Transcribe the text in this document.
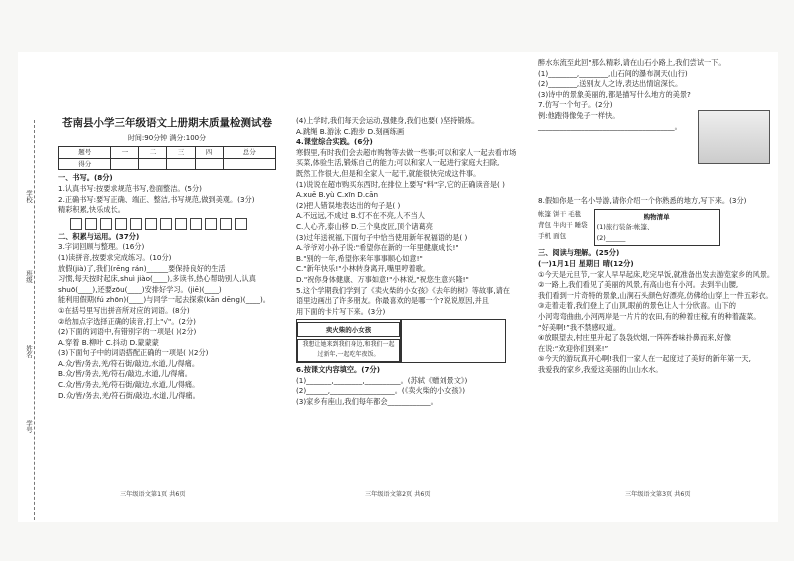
学校
班级
姓名
学号
苍南县小学三年级语文上册期末质量检测试卷
时间:90分钟 满分:100分
题号	一	二	三	四	总分
得分					
一、书写。(8分)
1.认真书写:按要求规范书写,卷面整洁。(5分)
2.正确书写:要写正确、端正、整洁,书写规范,做到美观。(3分)
精彩积累,快乐成长。
二、积累与运用。(37分)
3.字词回顾与整理。(16分)
(1)读拼音,按要求完成练习。(10分)
放假(jià)了,我们(rēng rán)______要保持良好的生活
习惯,每天按时起床,shuì jiào(____),多读书,热心帮助别人,认真
shuō(____),还要zōu(____)安排好学习。(jiē)(____)
能利用假期(fú zhōn)(____)与同学一起去探索(kān dēng)(____)。
①在括号里写出拼音所对应的词语。(8分)
②给加点字选择正确的读音,打上"√"。(2分)
(2)下面的词语中,有错别字的一项是( )(2分)
A.穿着 B.柳叶 C.抖动 D.蒙蒙蒙
(3)下面句子中的词语搭配正确的一项是( )(2分)
A.众/皆/务去,羌/符石街/敲边,水道,儿/得痛。
B.众/皆/务去,羌/符石/敲边,水道,儿/得痛。
C.众/皆/务去,羌/符石街/敲边,水道,儿/得痛。
D.众/皆/务去,羌/符石街/敲边,水道,儿/得痛。
(4)上学时,我们每天会运动,强健身,我们也要( )坚持锻炼。
A.跳绳 B.游泳 C.跑步 D.刻画练画
4.课堂综合实践。(6分)
寒假里,有时我们会去超市购物等去做一些事;可以和家人一起去看市场
买菜,体验生活,锻炼自己的能力;可以和家人一起进行家庭大扫除,
既然工作很大,但是和全家人一起干,就能很快完成这件事。
(1)说说在超市购买东西时,在排位上要写"料"字,它的正确读音是( )
A.xuē B.yù C.xīn D.cān
(2)把人错误地表达出的句子是( )
A.不远远,不成过 B.灯不在不亮,人不当人
C.人心齐,泰山移 D.三个臭皮匠,顶个诸葛亮
(3)过年送祝福,下面句子中恰当使用新年祝福语的是( )
A.爷爷对小孙子说:"希望你在新的一年里健康成长!"
B."别的一年,希望你来年事事顺心如意!"
C."新年快乐!"小林转身离开,嘴里哼着歌。
D."祝你身体健康、万事如意!"小林说,"祝您生意兴隆!"
5.这个学期我们学到了《卖火柴的小女孩》《去年的树》等故事,请在
语里边画出了许多朋友。你最喜欢的是哪一个?说说原因,并且
用下面的卡片写下来。(3分)
卖火柴的小女孩
我想让她来到我们身边,和我们一起过新年,一起吃年夜饭。
6.按课文内容填空。(7分)
(1)_______,________,__________。(苏轼《赠刘景文》)
(2)______,__________________。(《卖火柴的小女孩》)
(3)家乡有座山,我们每年都会____________。
醉水东流至此回"那么精彩,请在山石小路上,我们尝试一下。
(1)________,________,山石间的瀑布洞天(山行)
(2)________,送别友人之诗,表达出情谊深长。
(3)诗中的景象美丽的,都是描写什么地方的美景?
7.仿写一个句子。(2分)
例:他跑得像兔子一样快。
______________________________________。
8.假如你是一名小导游,请你介绍一个你熟悉的地方,写下来。(3分)
帐篷 饼干 毛毯
背包 牛肉干 睡袋
手机 面包
购物清单
(1)旅行装备:帐篷、
(2)______
三、阅读与理解。(25分)
(一)1月1日 星期日 晴(12分)
①今天是元旦节,一家人早早起床,吃完早饭,就准备出发去游览家乡的风景。
②一路上,我们看见了美丽的风景,有高山也有小河。去到半山腰,
我们看到一片奇特的景象,山涧石头颜色好漂亮,仿佛给山穿上一件五彩衣。
③走着走着,我们登上了山顶,眼前的景色让人十分欣喜。山下的
小河弯弯曲曲,小河两岸是一片片的农田,有的种着庄稼,有的种着蔬菜。
“好美啊!”我不禁感叹道。
④放眼望去,村庄里升起了袅袅炊烟,一阵阵香味扑鼻而来,好像
在说:“欢迎你们到来!”
⑤今天的游玩真开心啊!我们一家人在一起度过了美好的新年第一天,
我爱我的家乡,我爱这美丽的山山水水。
三年级语文第1页 共6页	三年级语文第2页 共6页	三年级语文第3页 共6页
